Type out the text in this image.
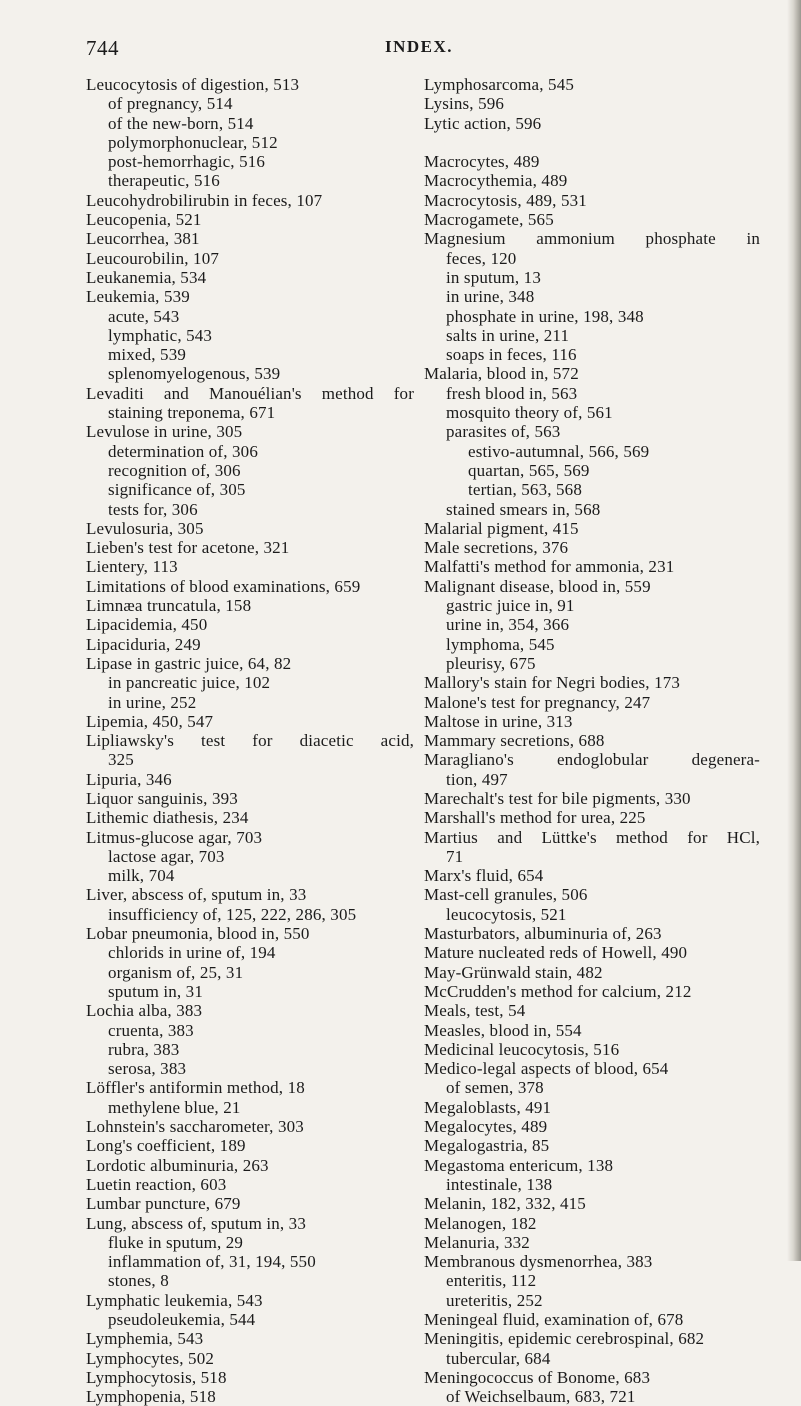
744	INDEX.
Leucocytosis of digestion, 513
of pregnancy, 514
of the new-born, 514
polymorphonuclear, 512
post-hemorrhagic, 516
therapeutic, 516
Leucohydrobilirubin in feces, 107
Leucopenia, 521
Leucorrhea, 381
Leucourobilin, 107
Leukanemia, 534
Leukemia, 539
acute, 543
lymphatic, 543
mixed, 539
splenomyelogenous, 539
Levaditi and Manouélian's method for
staining treponema, 671
Levulose in urine, 305
determination of, 306
recognition of, 306
significance of, 305
tests for, 306
Levulosuria, 305
Lieben's test for acetone, 321
Lientery, 113
Limitations of blood examinations, 659
Limnæa truncatula, 158
Lipacidemia, 450
Lipaciduria, 249
Lipase in gastric juice, 64, 82
in pancreatic juice, 102
in urine, 252
Lipemia, 450, 547
Lipliawsky's test for diacetic acid,
325
Lipuria, 346
Liquor sanguinis, 393
Lithemic diathesis, 234
Litmus-glucose agar, 703
lactose agar, 703
milk, 704
Liver, abscess of, sputum in, 33
insufficiency of, 125, 222, 286, 305
Lobar pneumonia, blood in, 550
chlorids in urine of, 194
organism of, 25, 31
sputum in, 31
Lochia alba, 383
cruenta, 383
rubra, 383
serosa, 383
Löffler's antiformin method, 18
methylene blue, 21
Lohnstein's saccharometer, 303
Long's coefficient, 189
Lordotic albuminuria, 263
Luetin reaction, 603
Lumbar puncture, 679
Lung, abscess of, sputum in, 33
fluke in sputum, 29
inflammation of, 31, 194, 550
stones, 8
Lymphatic leukemia, 543
pseudoleukemia, 544
Lymphemia, 543
Lymphocytes, 502
Lymphocytosis, 518
Lymphopenia, 518
Lymphosarcoma, 545
Lysins, 596
Lytic action, 596
Macrocytes, 489
Macrocythemia, 489
Macrocytosis, 489, 531
Macrogamete, 565
Magnesium ammonium phosphate in
feces, 120
in sputum, 13
in urine, 348
phosphate in urine, 198, 348
salts in urine, 211
soaps in feces, 116
Malaria, blood in, 572
fresh blood in, 563
mosquito theory of, 561
parasites of, 563
estivo-autumnal, 566, 569
quartan, 565, 569
tertian, 563, 568
stained smears in, 568
Malarial pigment, 415
Male secretions, 376
Malfatti's method for ammonia, 231
Malignant disease, blood in, 559
gastric juice in, 91
urine in, 354, 366
lymphoma, 545
pleurisy, 675
Mallory's stain for Negri bodies, 173
Malone's test for pregnancy, 247
Maltose in urine, 313
Mammary secretions, 688
Maragliano's endoglobular degenera-
tion, 497
Marechalt's test for bile pigments, 330
Marshall's method for urea, 225
Martius and Lüttke's method for HCl,
71
Marx's fluid, 654
Mast-cell granules, 506
leucocytosis, 521
Masturbators, albuminuria of, 263
Mature nucleated reds of Howell, 490
May-Grünwald stain, 482
McCrudden's method for calcium, 212
Meals, test, 54
Measles, blood in, 554
Medicinal leucocytosis, 516
Medico-legal aspects of blood, 654
of semen, 378
Megaloblasts, 491
Megalocytes, 489
Megalogastria, 85
Megastoma entericum, 138
intestinale, 138
Melanin, 182, 332, 415
Melanogen, 182
Melanuria, 332
Membranous dysmenorrhea, 383
enteritis, 112
ureteritis, 252
Meningeal fluid, examination of, 678
Meningitis, epidemic cerebrospinal, 682
tubercular, 684
Meningococcus of Bonome, 683
of Weichselbaum, 683, 721
